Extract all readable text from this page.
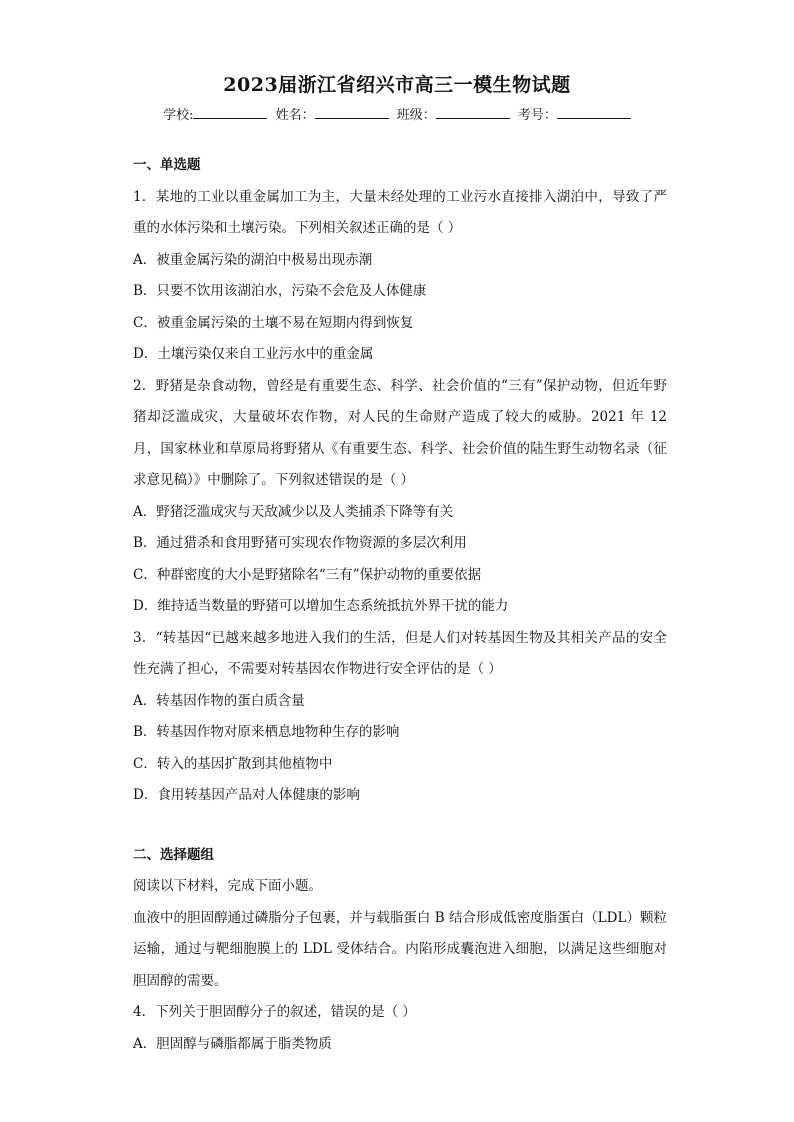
2023届浙江省绍兴市高三一模生物试题
学校:	姓名：	班级：	考号：
一、单选题

1．某地的工业以重金属加工为主，大量未经处理的工业污水直接排入湖泊中，导致了严重的水体污染和土壤污染。下列相关叙述正确的是（ ）

A．被重金属污染的湖泊中极易出现赤潮

B．只要不饮用该湖泊水，污染不会危及人体健康

C．被重金属污染的土壤不易在短期内得到恢复

D．土壤污染仅来自工业污水中的重金属

2．野猪是杂食动物，曾经是有重要生态、科学、社会价值的“三有”保护动物，但近年野猪却泛滥成灾，大量破坏农作物，对人民的生命财产造成了较大的威胁。2021 年 12 月，国家林业和草原局将野猪从《有重要生态、科学、社会价值的陆生野生动物名录（征求意见稿）》中删除了。下列叙述错误的是（ ）

A．野猪泛滥成灾与天敌减少以及人类捕杀下降等有关

B．通过猎杀和食用野猪可实现农作物资源的多层次利用

C．种群密度的大小是野猪除名“三有”保护动物的重要依据

D．维持适当数量的野猪可以增加生态系统抵抗外界干扰的能力

3．“转基因“已越来越多地进入我们的生活，但是人们对转基因生物及其相关产品的安全性充满了担心，不需要对转基因农作物进行安全评估的是（ ）

A．转基因作物的蛋白质含量

B．转基因作物对原来栖息地物种生存的影响

C．转入的基因扩散到其他植物中

D．食用转基因产品对人体健康的影响

二、选择题组

阅读以下材料，完成下面小题。

血液中的胆固醇通过磷脂分子包裹，并与载脂蛋白 B 结合形成低密度脂蛋白（LDL）颗粒运输，通过与靶细胞膜上的 LDL 受体结合。内陷形成囊泡进入细胞，以满足这些细胞对胆固醇的需要。

4．下列关于胆固醇分子的叙述，错误的是（ ）

A．胆固醇与磷脂都属于脂类物质
